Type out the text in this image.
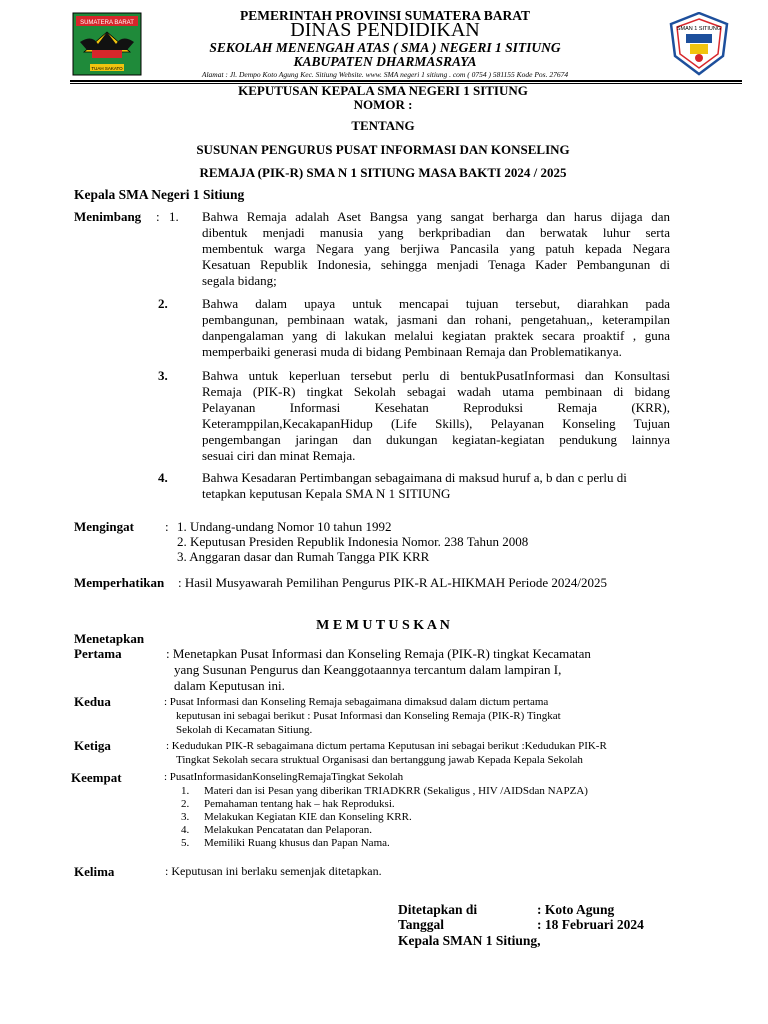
SUMATERA BARAT
TUAH SAKATO
SMAN 1 SITIUNG
PEMERINTAH PROVINSI SUMATERA BARAT
DINAS PENDIDIKAN
SEKOLAH MENENGAH ATAS ( SMA ) NEGERI 1 SITIUNG
KABUPATEN DHARMASRAYA
Alamat : Jl. Dempo Koto Agung Kec. Sitiung Website. www. SMA negeri 1 sitiung . com ( 0754 ) 581155 Kode Pos. 27674
KEPUTUSAN KEPALA SMA NEGERI 1 SITIUNG
NOMOR :
TENTANG
SUSUNAN PENGURUS PUSAT INFORMASI DAN KONSELING
REMAJA (PIK-R) SMA N 1 SITIUNG MASA BAKTI 2024 / 2025
Kepala SMA Negeri 1 Sitiung
Menimbang : 1. Bahwa Remaja adalah Aset Bangsa yang sangat berharga dan harus dijaga dan
dibentuk menjadi manusia yang berkpribadian dan berwatak luhur serta
membentuk warga Negara yang berjiwa Pancasila yang patuh kepada Negara
Kesatuan Republik Indonesia, sehingga menjadi Tenaga Kader Pembangunan di
segala bidang;
2.	Bahwa dalam upaya untuk mencapai tujuan tersebut, diarahkan pada
pembangunan, pembinaan watak, jasmani dan rohani, pengetahuan,, keterampilan
danpengalaman yang di lakukan melalui kegiatan praktek secara proaktif , guna
memperbaiki generasi muda di bidang Pembinaan Remaja dan Problematikanya.
3.	Bahwa untuk keperluan tersebut perlu di bentukPusatInformasi dan Konsultasi
Remaja (PIK-R) tingkat Sekolah sebagai wadah utama pembinaan di bidang
Pelayanan Informasi Kesehatan Reproduksi Remaja (KRR),
Keteramppilan,KecakapanHidup (Life Skills), Pelayanan Konseling Tujuan
pengembangan jaringan dan dukungan kegiatan-kegiatan pendukung lainnya
sesuai ciri dan minat Remaja.
4.	Bahwa Kesadaran Pertimbangan sebagaimana di maksud huruf a, b dan c perlu di
tetapkan keputusan Kepala SMA N 1 SITIUNG
Mengingat : 1. Undang-undang Nomor 10 tahun 1992
2. Keputusan Presiden Republik Indonesia Nomor. 238 Tahun 2008
3. Anggaran dasar dan Rumah Tangga PIK KRR
Memperhatikan : Hasil Musyawarah Pemilihan Pengurus PIK-R AL-HIKMAH Periode 2024/2025
M E M U T U S K A N
Menetapkan
Pertama	: Menetapkan Pusat Informasi dan Konseling Remaja (PIK-R) tingkat Kecamatan
yang Susunan Pengurus dan Keanggotaannya tercantum dalam lampiran I,
dalam Keputusan ini.
Kedua	: Pusat Informasi dan Konseling Remaja sebagaimana dimaksud dalam dictum pertama
keputusan ini sebagai berikut : Pusat Informasi dan Konseling Remaja (PIK-R) Tingkat
Sekolah di Kecamatan Sitiung.
Ketiga	: Kedudukan PIK-R sebagaimana dictum pertama Keputusan ini sebagai berikut :Kedudukan PIK-R
Tingkat Sekolah secara struktual Organisasi dan bertanggung jawab Kepada Kepala Sekolah
Keempat	: PusatInformasidanKonselingRemajaTingkat Sekolah
1. Materi dan isi Pesan yang diberikan TRIADKRR (Sekaligus , HIV /AIDSdan NAPZA)
2. Pemahaman tentang hak – hak Reproduksi.
3. Melakukan Kegiatan KIE dan Konseling KRR.
4. Melakukan Pencatatan dan Pelaporan.
5. Memiliki Ruang khusus dan Papan Nama.
Kelima	: Keputusan ini berlaku semenjak ditetapkan.
Ditetapkan di	: Koto Agung
Tanggal	: 18 Februari 2024
Kepala SMAN 1 Sitiung,
